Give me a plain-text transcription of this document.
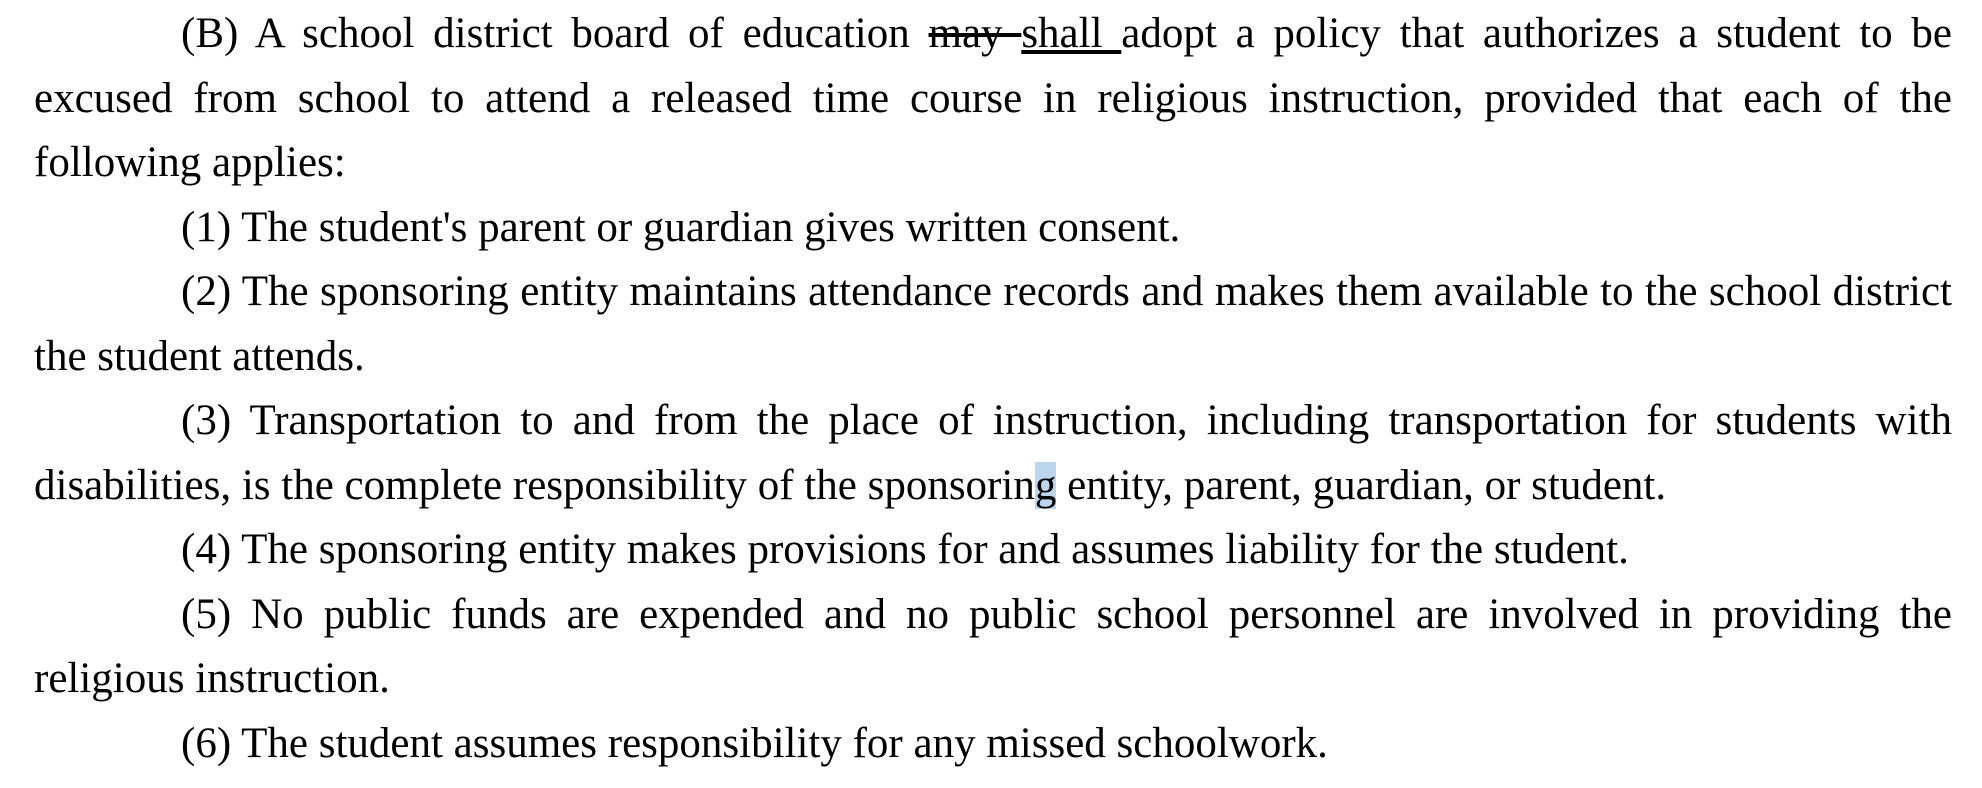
(B) A school district board of education may shall adopt a policy that authorizes a student to be excused from school to attend a released time course in religious instruction, provided that each of the following applies:

(1) The student's parent or guardian gives written consent.

(2) The sponsoring entity maintains attendance records and makes them available to the school district the student attends.

(3) Transportation to and from the place of instruction, including transportation for students with disabilities, is the complete responsibility of the sponsoring entity, parent, guardian, or student.

(4) The sponsoring entity makes provisions for and assumes liability for the student.

(5) No public funds are expended and no public school personnel are involved in providing the religious instruction.

(6) The student assumes responsibility for any missed schoolwork.
